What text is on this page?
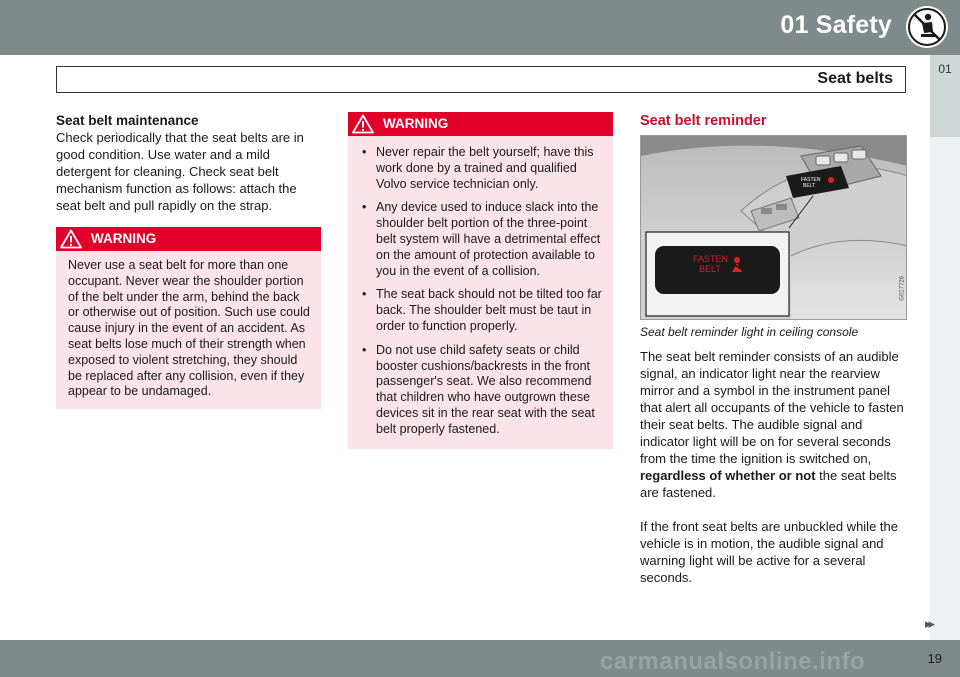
01 Safety
Seat belts
01
▸▸
Seat belt maintenance
Check periodically that the seat belts are in good condition. Use water and a mild detergent for cleaning. Check seat belt mechanism function as follows: attach the seat belt and pull rapidly on the strap.
WARNING
Never use a seat belt for more than one occupant. Never wear the shoulder portion of the belt under the arm, behind the back or otherwise out of position. Such use could cause injury in the event of an accident. As seat belts lose much of their strength when exposed to violent stretching, they should be replaced after any collision, even if they appear to be undamaged.
WARNING
• Never repair the belt yourself; have this work done by a trained and qualified Volvo service technician only.
• Any device used to induce slack into the shoulder belt portion of the three-point belt system will have a detrimental effect on the amount of protection available to you in the event of a collision.
• The seat back should not be tilted too far back. The shoulder belt must be taut in order to function properly.
• Do not use child safety seats or child booster cushions/backrests in the front passenger's seat. We also recommend that children who have outgrown these devices sit in the rear seat with the seat belt properly fastened.
Seat belt reminder
FASTEN
BELT
FASTEN
BELT
G017726
Seat belt reminder light in ceiling console
The seat belt reminder consists of an audible signal, an indicator light near the rearview mirror and a symbol in the instrument panel that alert all occupants of the vehicle to fasten their seat belts. The audible signal and indicator light will be on for several seconds from the time the ignition is switched on, regardless of whether or not the seat belts are fastened.
If the front seat belts are unbuckled while the vehicle is in motion, the audible signal and warning light will be active for a several seconds.
19
carmanualsonline.info
